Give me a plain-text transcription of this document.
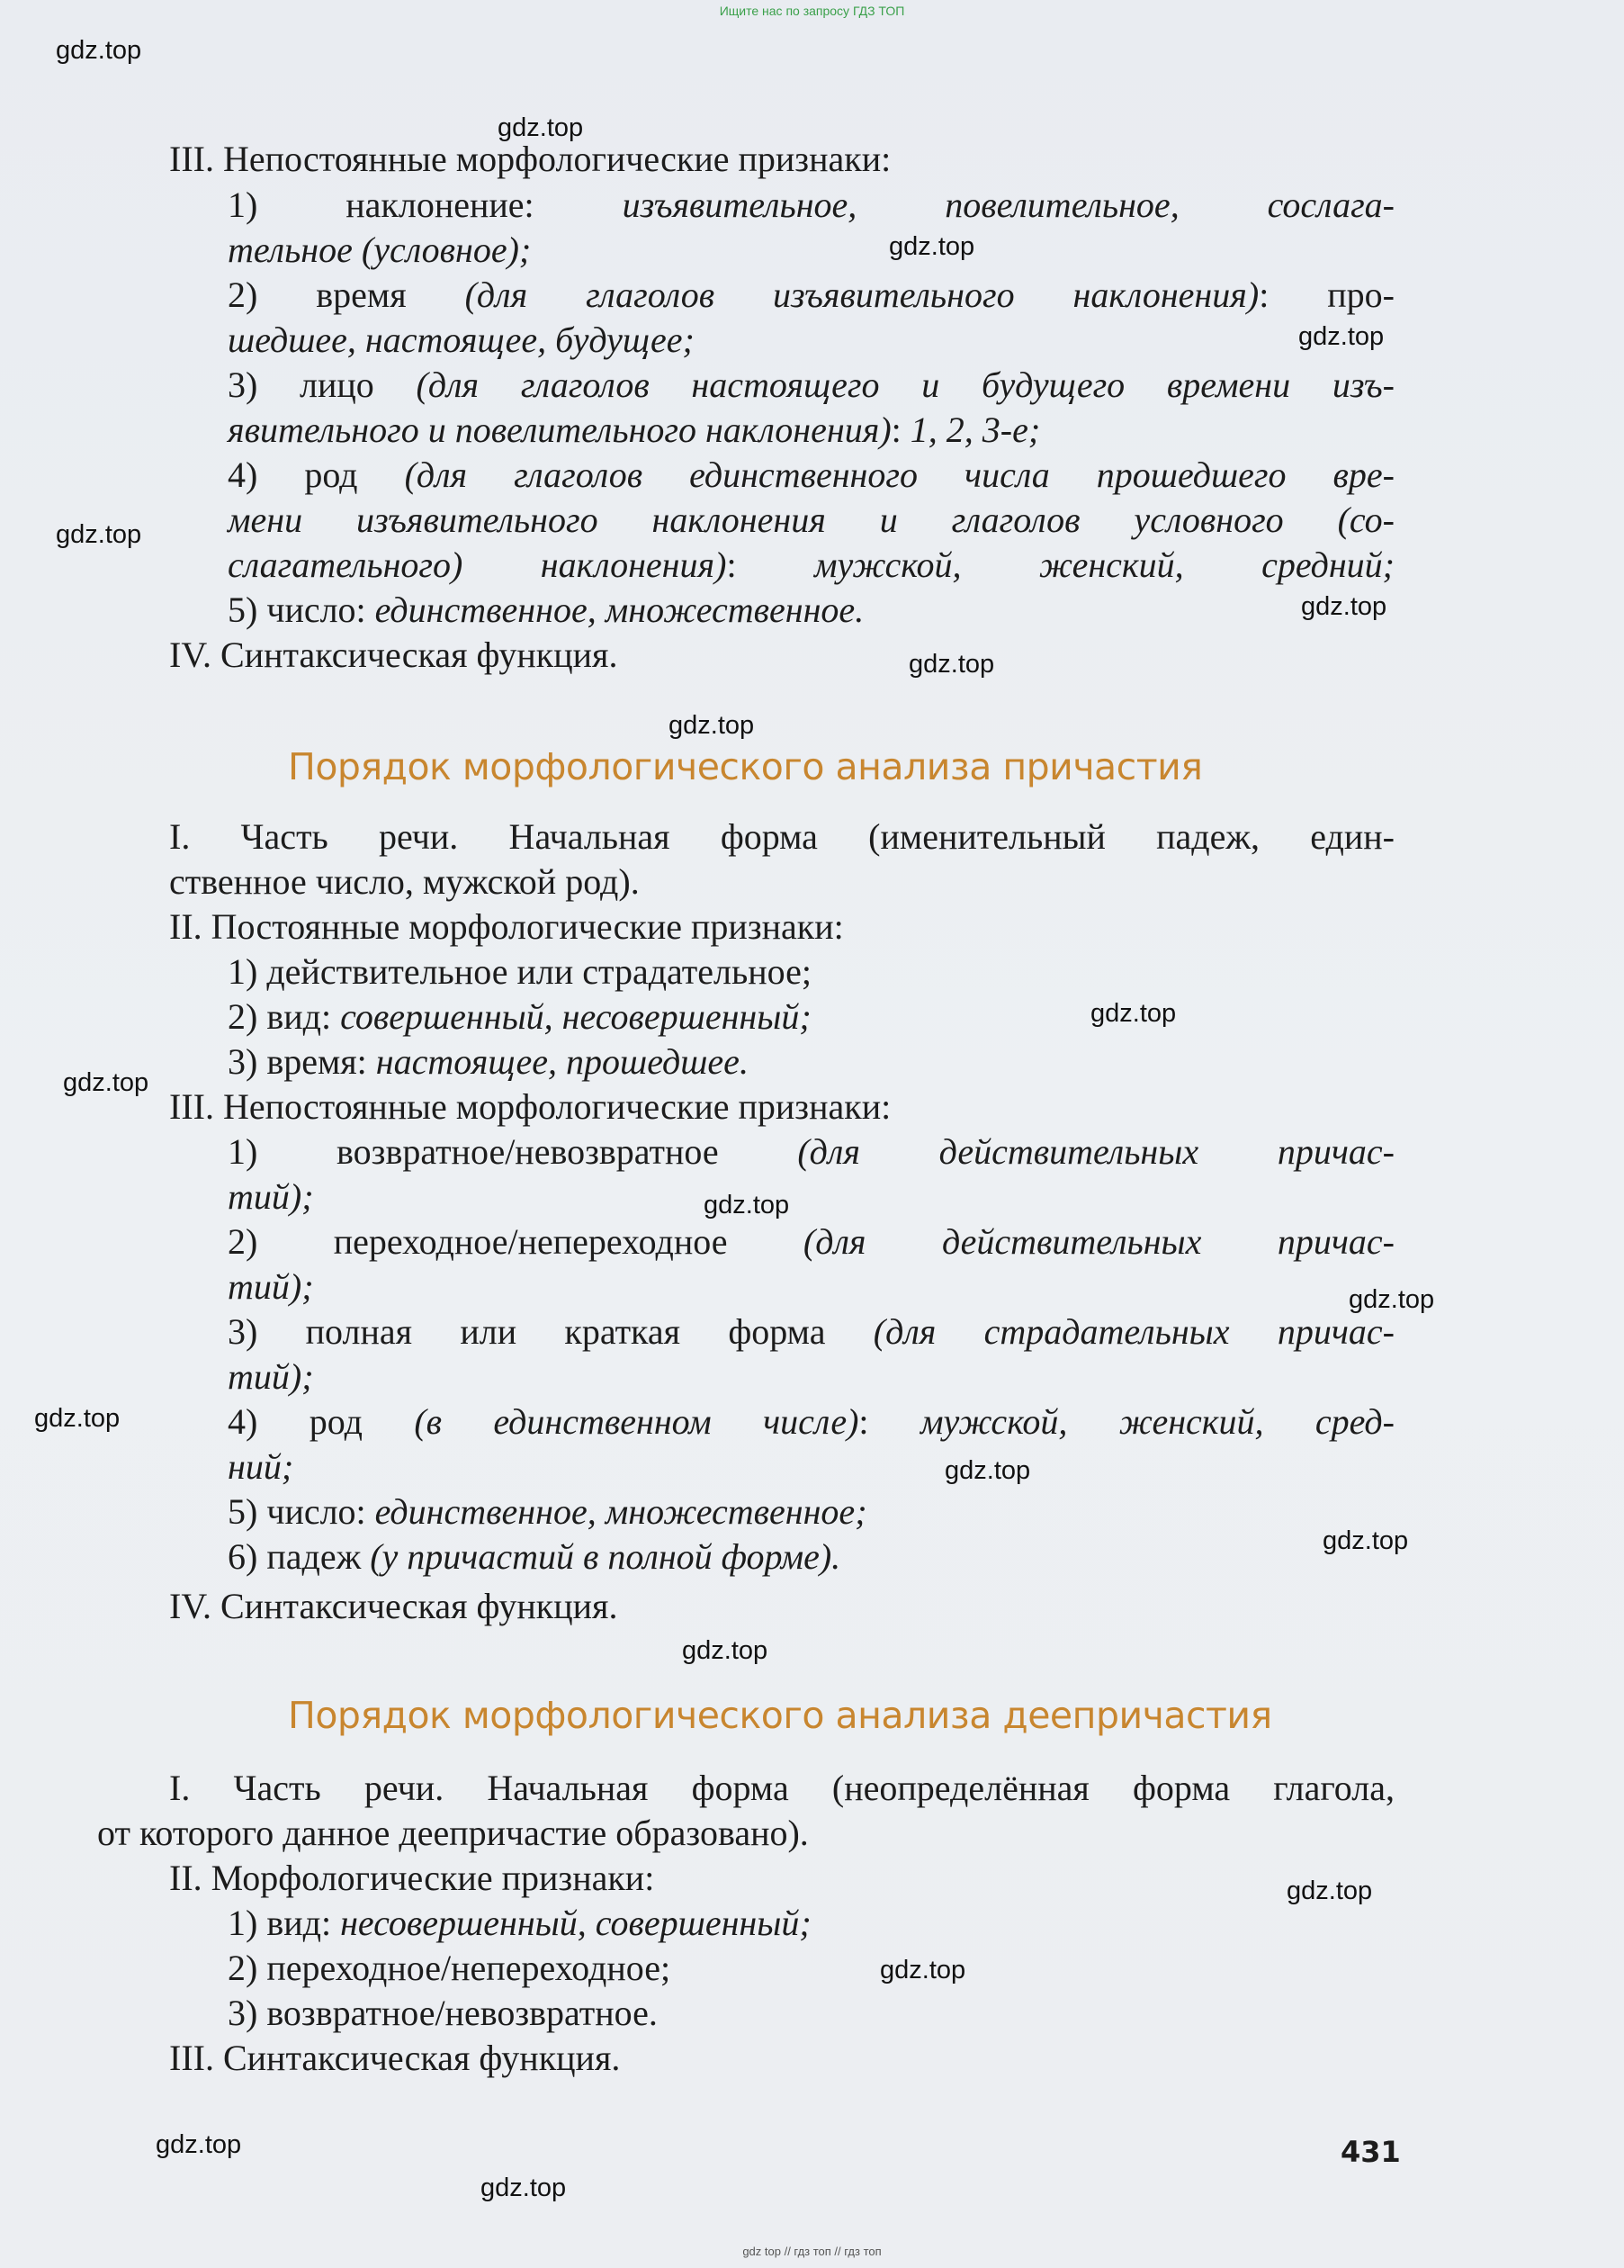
Ищите нас по запросу ГДЗ ТОП
gdz.top
gdz.top
gdz.top
gdz.top
gdz.top
gdz.top
gdz.top
gdz.top
gdz.top
gdz.top
gdz.top
gdz.top
gdz.top
gdz.top
gdz.top
gdz.top
gdz.top
gdz.top
gdz.top
gdz.top
III. Непостоянные морфологические признаки:
1) наклонение: изъявительное, повелительное, сослага-
тельное (условное);
2) время (для глаголов изъявительного наклонения): про-
шедшее, настоящее, будущее;
3) лицо (для глаголов настоящего и будущего времени изъ-
явительного и повелительного наклонения): 1, 2, 3-е;
4) род (для глаголов единственного числа прошедшего вре-
мени изъявительного наклонения и глаголов условного (со-
слагательного) наклонения): мужской, женский, средний;
5) число: единственное, множественное.
IV. Синтаксическая функция.
Порядок морфологического анализа причастия
I. Часть речи. Начальная форма (именительный падеж, един-
ственное число, мужской род).
II. Постоянные морфологические признаки:
1) действительное или страдательное;
2) вид: совершенный, несовершенный;
3) время: настоящее, прошедшее.
III. Непостоянные морфологические признаки:
1) возвратное/невозвратное (для действительных причас-
тий);
2) переходное/непереходное (для действительных причас-
тий);
3) полная или краткая форма (для страдательных причас-
тий);
4) род (в единственном числе): мужской, женский, сред-
ний;
5) число: единственное, множественное;
6) падеж (у причастий в полной форме).
IV. Синтаксическая функция.
Порядок морфологического анализа деепричастия
I. Часть речи. Начальная форма (неопределённая форма глагола,
от которого данное деепричастие образовано).
II. Морфологические признаки:
1) вид: несовершенный, совершенный;
2) переходное/непереходное;
3) возвратное/невозвратное.
III. Синтаксическая функция.
431
gdz top // гдз топ // гдз топ
